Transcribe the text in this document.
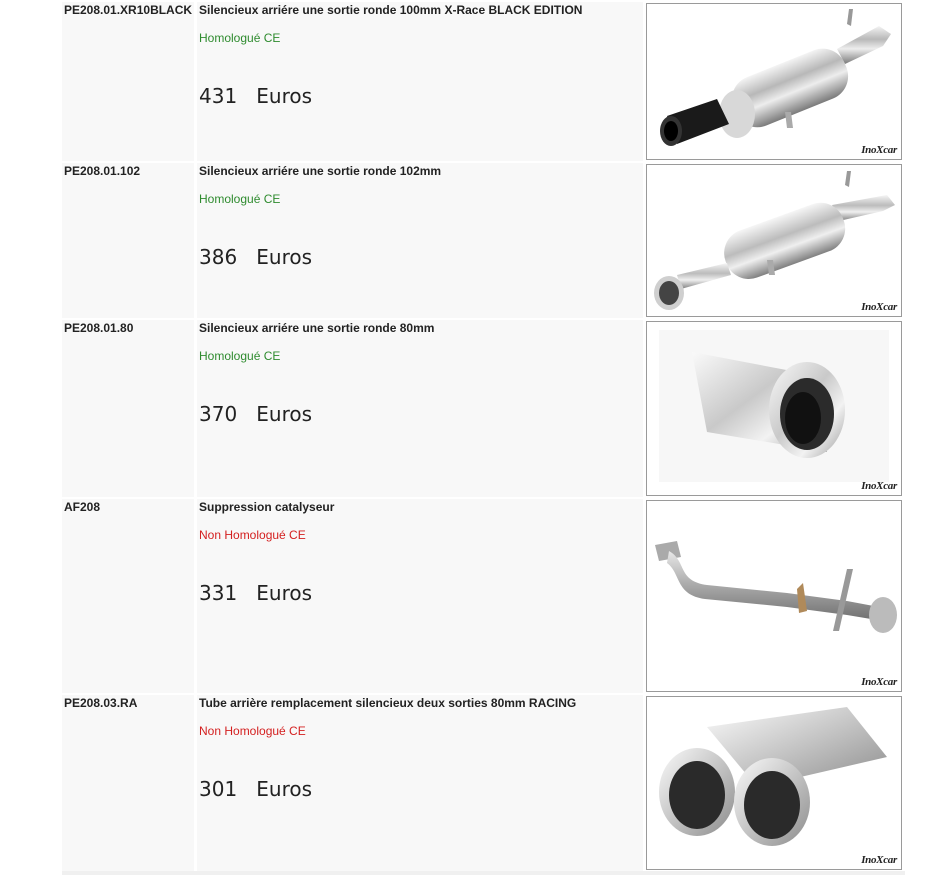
PE208.01.XR10BLACK Silencieux arriére une sortie ronde 100mm X-Race BLACK EDITION
Homologué CE
431 Euros
InoXcar
PE208.01.102	Silencieux arriére une sortie ronde 102mm
Homologué CE
386 Euros
InoXcar
PE208.01.80	Silencieux arriére une sortie ronde 80mm
Homologué CE
370 Euros
InoXcar
AF208	Suppression catalyseur
Non Homologué CE
331 Euros
InoXcar
PE208.03.RA	Tube arrière remplacement silencieux deux sorties 80mm RACING
Non Homologué CE
301 Euros
InoXcar
